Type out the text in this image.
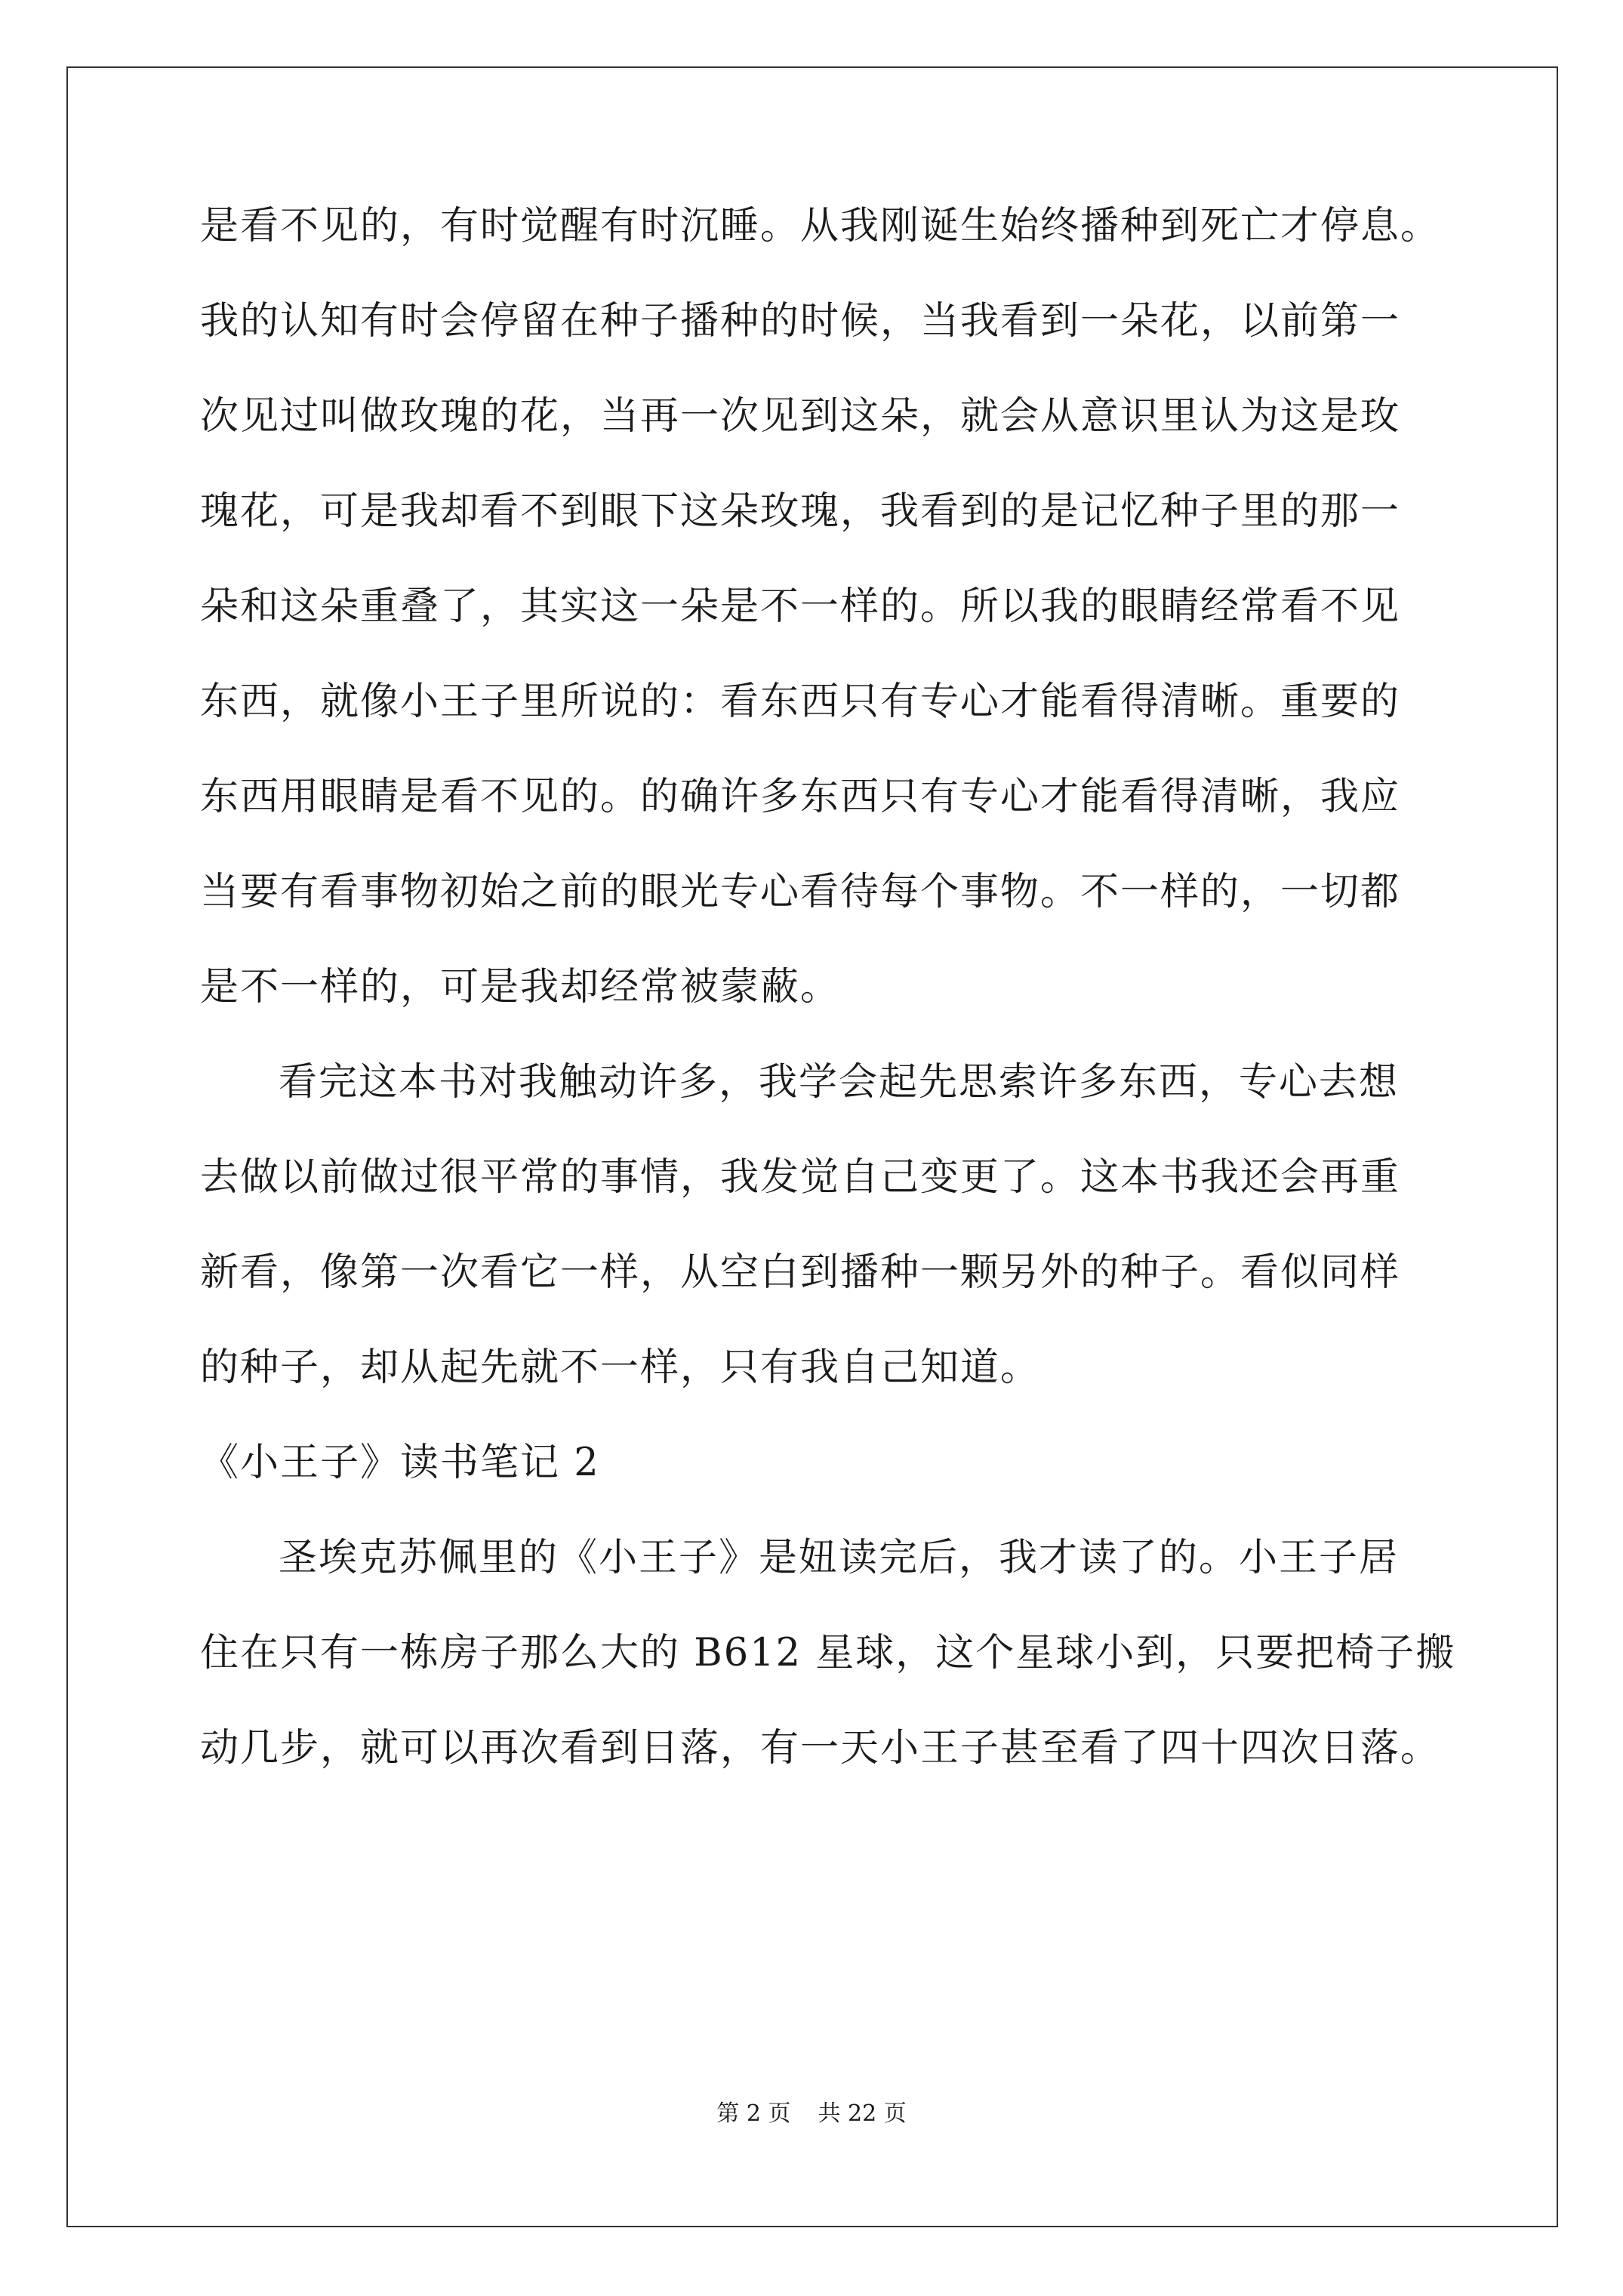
是看不见的，有时觉醒有时沉睡。从我刚诞生始终播种到死亡才停息。
我的认知有时会停留在种子播种的时候，当我看到一朵花，以前第一
次见过叫做玫瑰的花，当再一次见到这朵，就会从意识里认为这是玫
瑰花，可是我却看不到眼下这朵玫瑰，我看到的是记忆种子里的那一
朵和这朵重叠了，其实这一朵是不一样的。所以我的眼睛经常看不见
东西，就像小王子里所说的：看东西只有专心才能看得清晰。重要的
东西用眼睛是看不见的。的确许多东西只有专心才能看得清晰，我应
当要有看事物初始之前的眼光专心看待每个事物。不一样的，一切都
是不一样的，可是我却经常被蒙蔽。
看完这本书对我触动许多，我学会起先思索许多东西，专心去想
去做以前做过很平常的事情，我发觉自己变更了。这本书我还会再重
新看，像第一次看它一样，从空白到播种一颗另外的种子。看似同样
的种子，却从起先就不一样，只有我自己知道。
《小王子》读书笔记 2
圣埃克苏佩里的《小王子》是妞读完后，我才读了的。小王子居
住在只有一栋房子那么大的 B612 星球，这个星球小到，只要把椅子搬
动几步，就可以再次看到日落，有一天小王子甚至看了四十四次日落。
第 2 页 共 22 页
